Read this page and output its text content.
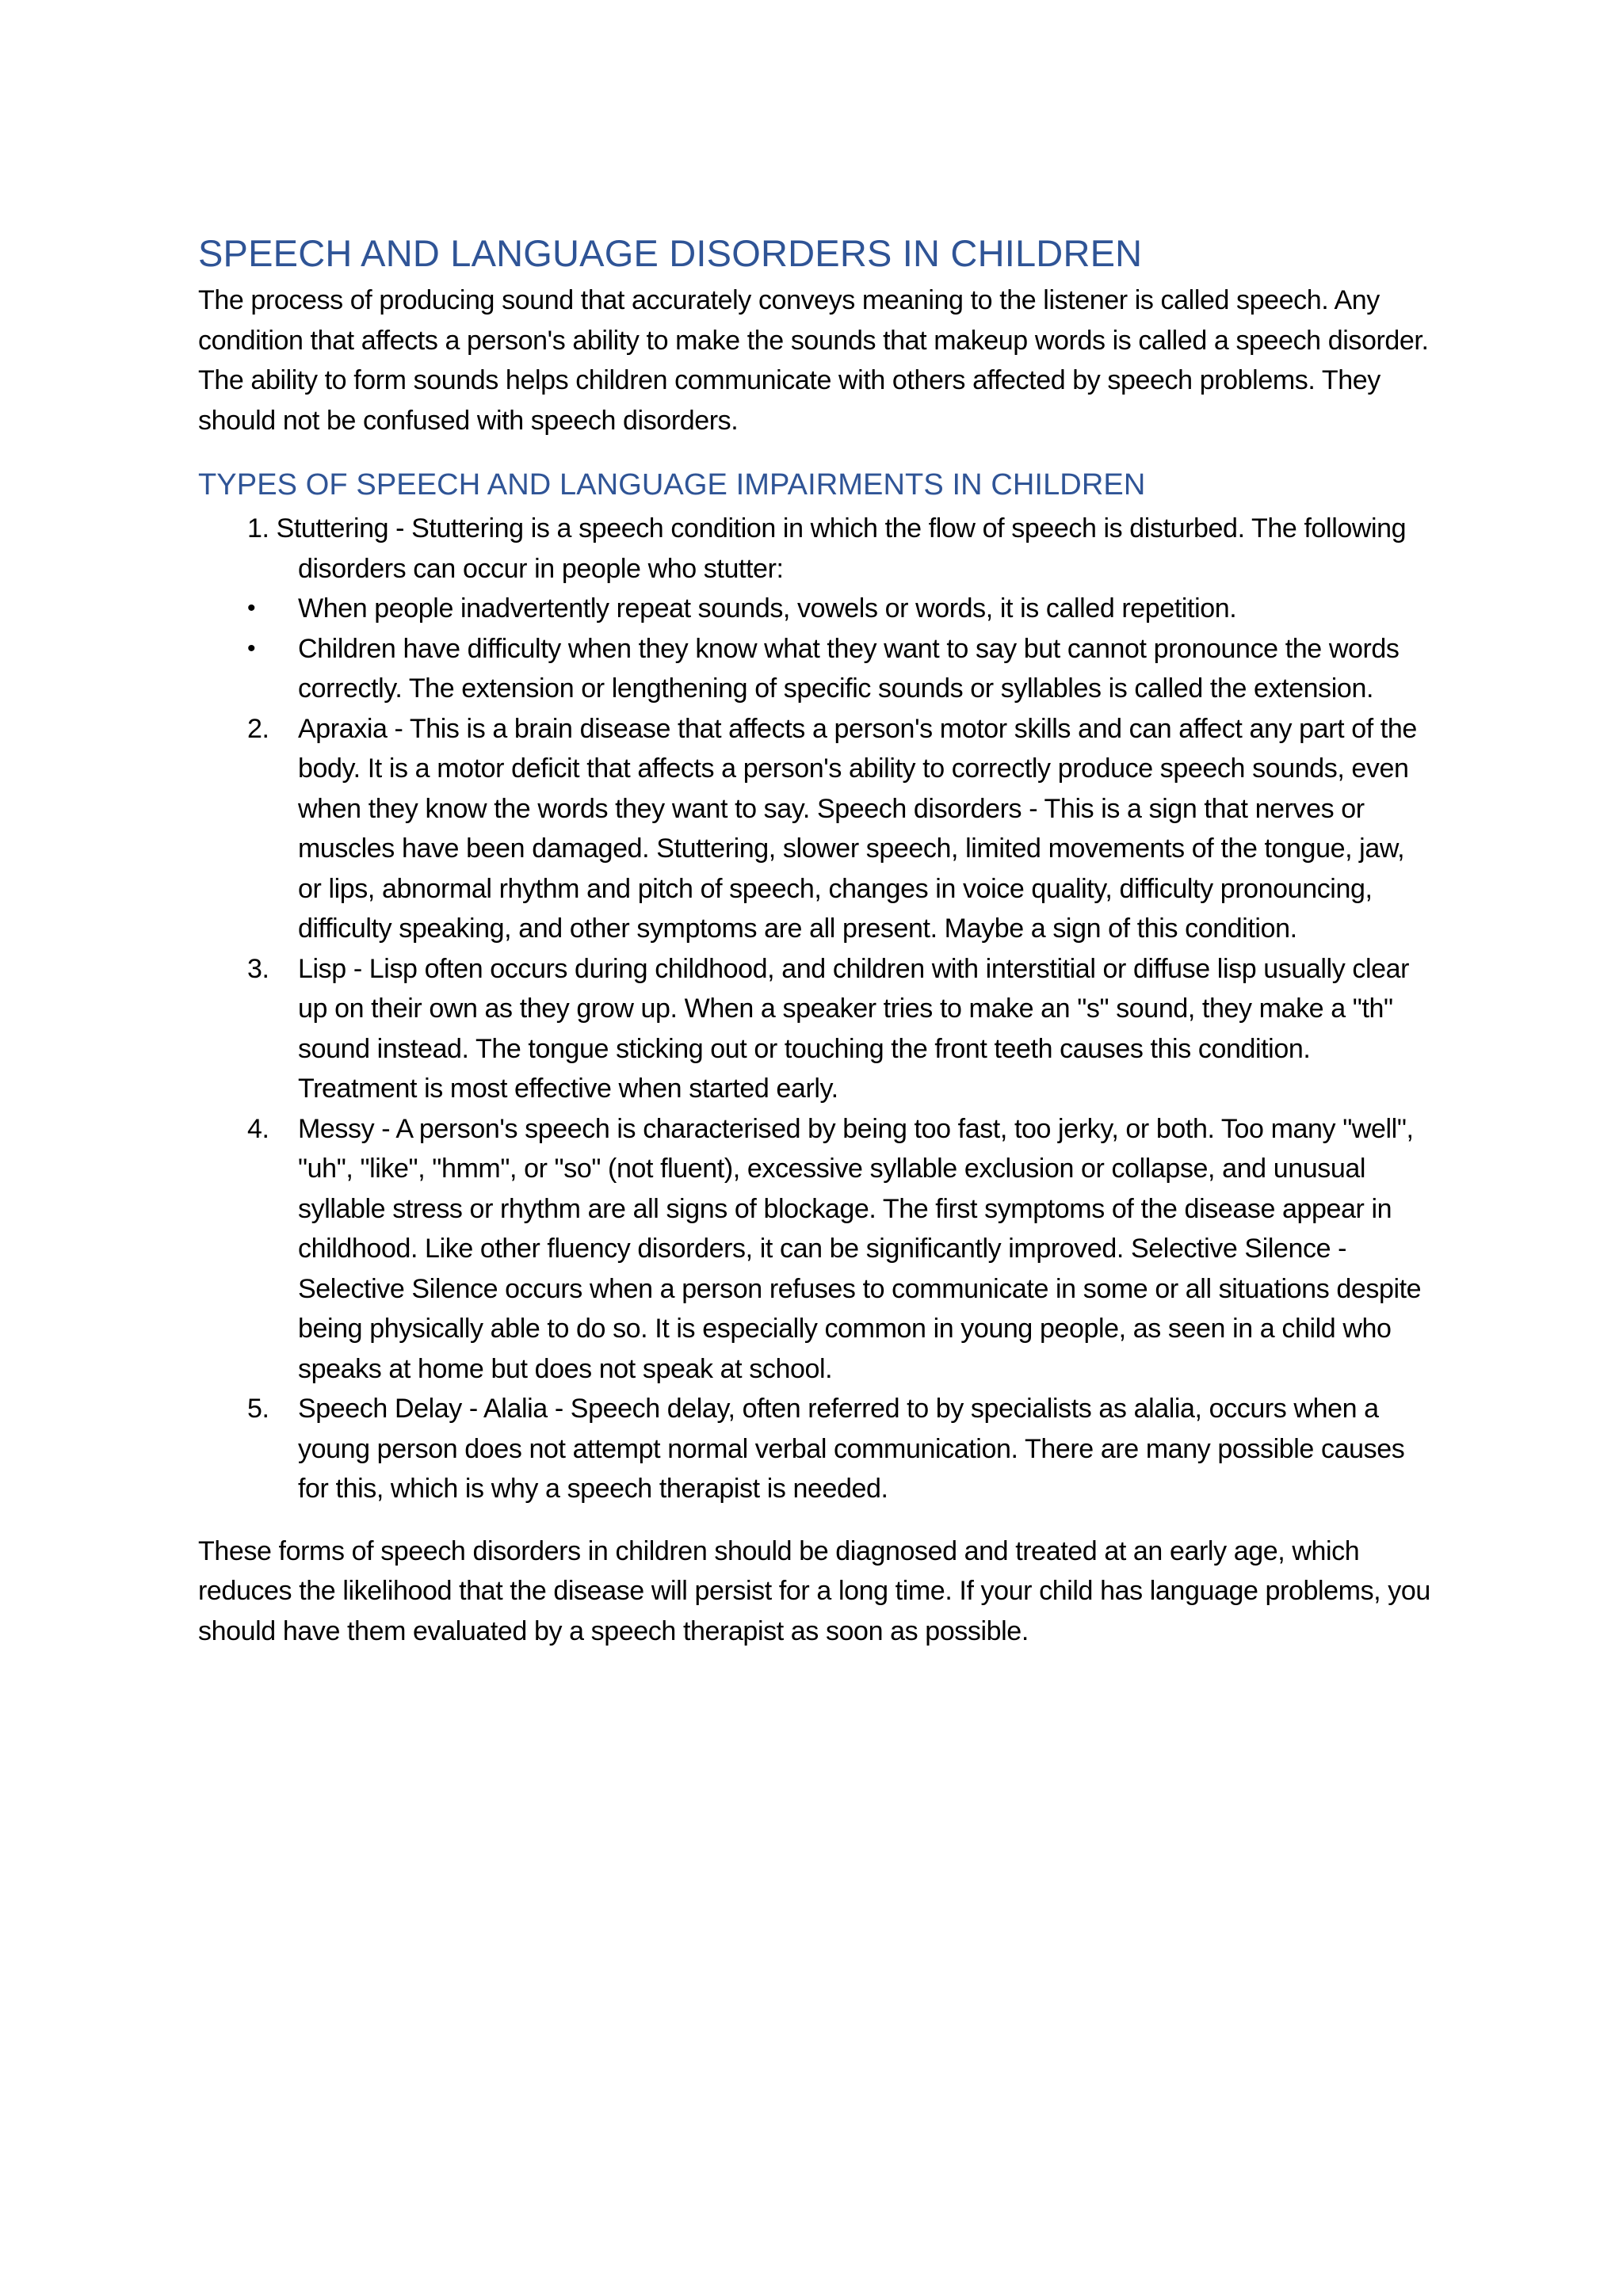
SPEECH AND LANGUAGE DISORDERS IN CHILDREN

The process of producing sound that accurately conveys meaning to the listener is called speech. Any condition that affects a person's ability to make the sounds that makeup words is called a speech disorder. The ability to form sounds helps children communicate with others affected by speech problems. They should not be confused with speech disorders.

TYPES OF SPEECH AND LANGUAGE IMPAIRMENTS IN CHILDREN
1. Stuttering - Stuttering is a speech condition in which the flow of speech is disturbed. The following disorders can occur in people who stutter:
• When people inadvertently repeat sounds, vowels or words, it is called repetition.
• Children have difficulty when they know what they want to say but cannot pronounce the words correctly. The extension or lengthening of specific sounds or syllables is called the extension.
2. Apraxia - This is a brain disease that affects a person's motor skills and can affect any part of the body. It is a motor deficit that affects a person's ability to correctly produce speech sounds, even when they know the words they want to say. Speech disorders - This is a sign that nerves or muscles have been damaged. Stuttering, slower speech, limited movements of the tongue, jaw, or lips, abnormal rhythm and pitch of speech, changes in voice quality, difficulty pronouncing, difficulty speaking, and other symptoms are all present. Maybe a sign of this condition.
3. Lisp - Lisp often occurs during childhood, and children with interstitial or diffuse lisp usually clear up on their own as they grow up. When a speaker tries to make an "s" sound, they make a "th" sound instead. The tongue sticking out or touching the front teeth causes this condition. Treatment is most effective when started early.
4. Messy - A person's speech is characterised by being too fast, too jerky, or both. Too many "well", "uh", "like", "hmm", or "so" (not fluent), excessive syllable exclusion or collapse, and unusual syllable stress or rhythm are all signs of blockage. The first symptoms of the disease appear in childhood. Like other fluency disorders, it can be significantly improved. Selective Silence - Selective Silence occurs when a person refuses to communicate in some or all situations despite being physically able to do so. It is especially common in young people, as seen in a child who speaks at home but does not speak at school.
5. Speech Delay - Alalia - Speech delay, often referred to by specialists as alalia, occurs when a young person does not attempt normal verbal communication. There are many possible causes for this, which is why a speech therapist is needed.

These forms of speech disorders in children should be diagnosed and treated at an early age, which reduces the likelihood that the disease will persist for a long time. If your child has language problems, you should have them evaluated by a speech therapist as soon as possible.
